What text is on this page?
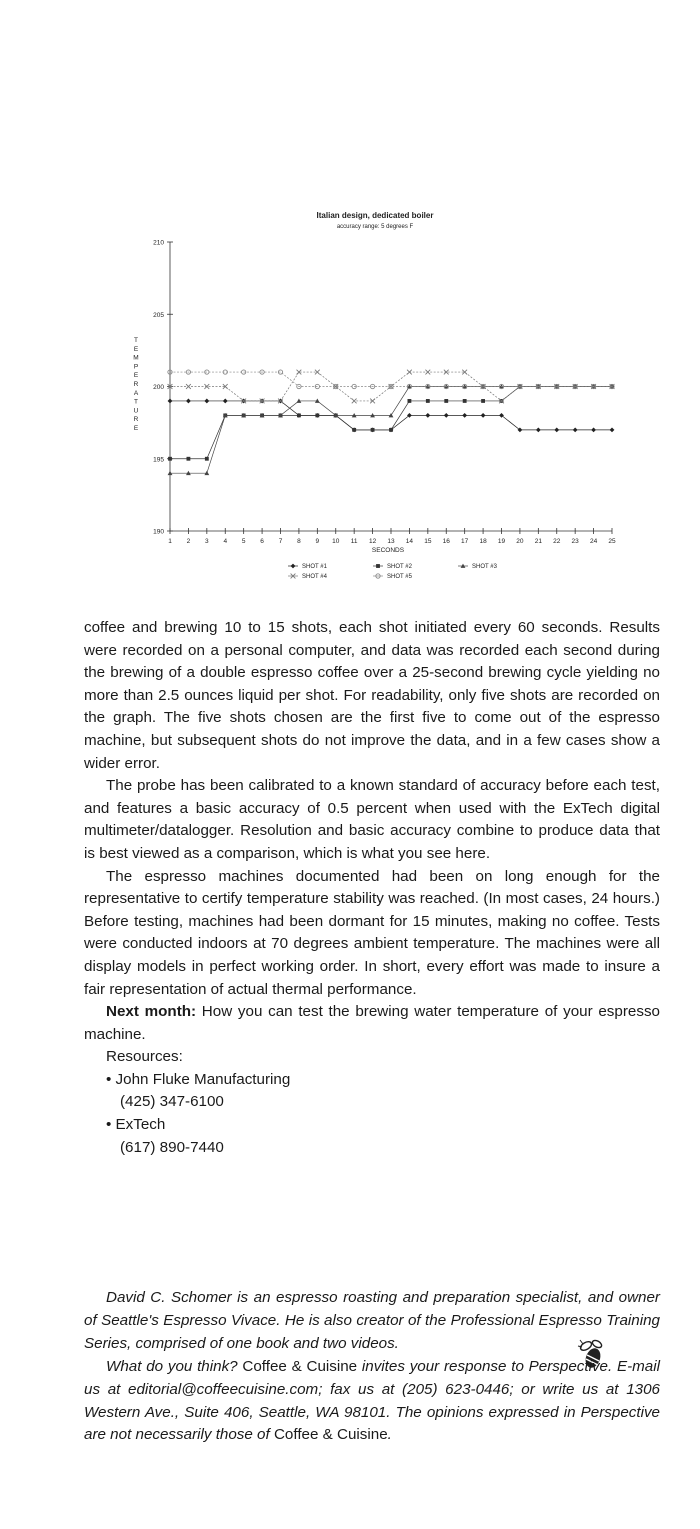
Italian design, dedicated boiler
accuracy range: 5 degrees F
T
E
M
P
E
R
A
T
U
R
E
190
195
200
205
210
1 2 3 4 5 6 7 8 9 10 11 12 13 14 15 16 17 18 19 20 21 22 23 24 25
SECONDS
SHOT #1	SHOT #2	SHOT #3
SHOT #4	SHOT #5

coffee and brewing 10 to 15 shots, each shot initiated every 60 seconds. Results were recorded on a personal computer, and data was recorded each second during the brewing of a double espresso coffee over a 25-second brewing cycle yielding no more than 2.5 ounces liquid per shot. For readability, only five shots are recorded on the graph. The five shots chosen are the first five to come out of the espresso machine, but subsequent shots do not improve the data, and in a few cases show a wider error.

The probe has been calibrated to a known standard of accuracy before each test, and features a basic accuracy of 0.5 percent when used with the ExTech digital multimeter/datalogger. Resolution and basic accuracy combine to produce data that is best viewed as a comparison, which is what you see here.

The espresso machines documented had been on long enough for the representative to certify temperature stability was reached. (In most cases, 24 hours.) Before testing, machines had been dormant for 15 minutes, making no coffee. Tests were conducted indoors at 70 degrees ambient temperature. The machines were all display models in perfect working order. In short, every effort was made to insure a fair representation of actual thermal performance.

Next month: How you can test the brewing water temperature of your espresso machine.

Resources:

• John Fluke Manufacturing

(425) 347-6100

• ExTech

(617) 890-7440

David C. Schomer is an espresso roasting and preparation specialist, and owner of Seattle's Espresso Vivace. He is also creator of the Professional Espresso Training Series, comprised of one book and two videos.

What do you think? Coffee & Cuisine invites your response to Perspective. E-mail us at editorial@coffeecuisine.com; fax us at (205) 623-0446; or write us at 1306 Western Ave., Suite 406, Seattle, WA 98101. The opinions expressed in Perspective are not necessarily those of Coffee & Cuisine.
